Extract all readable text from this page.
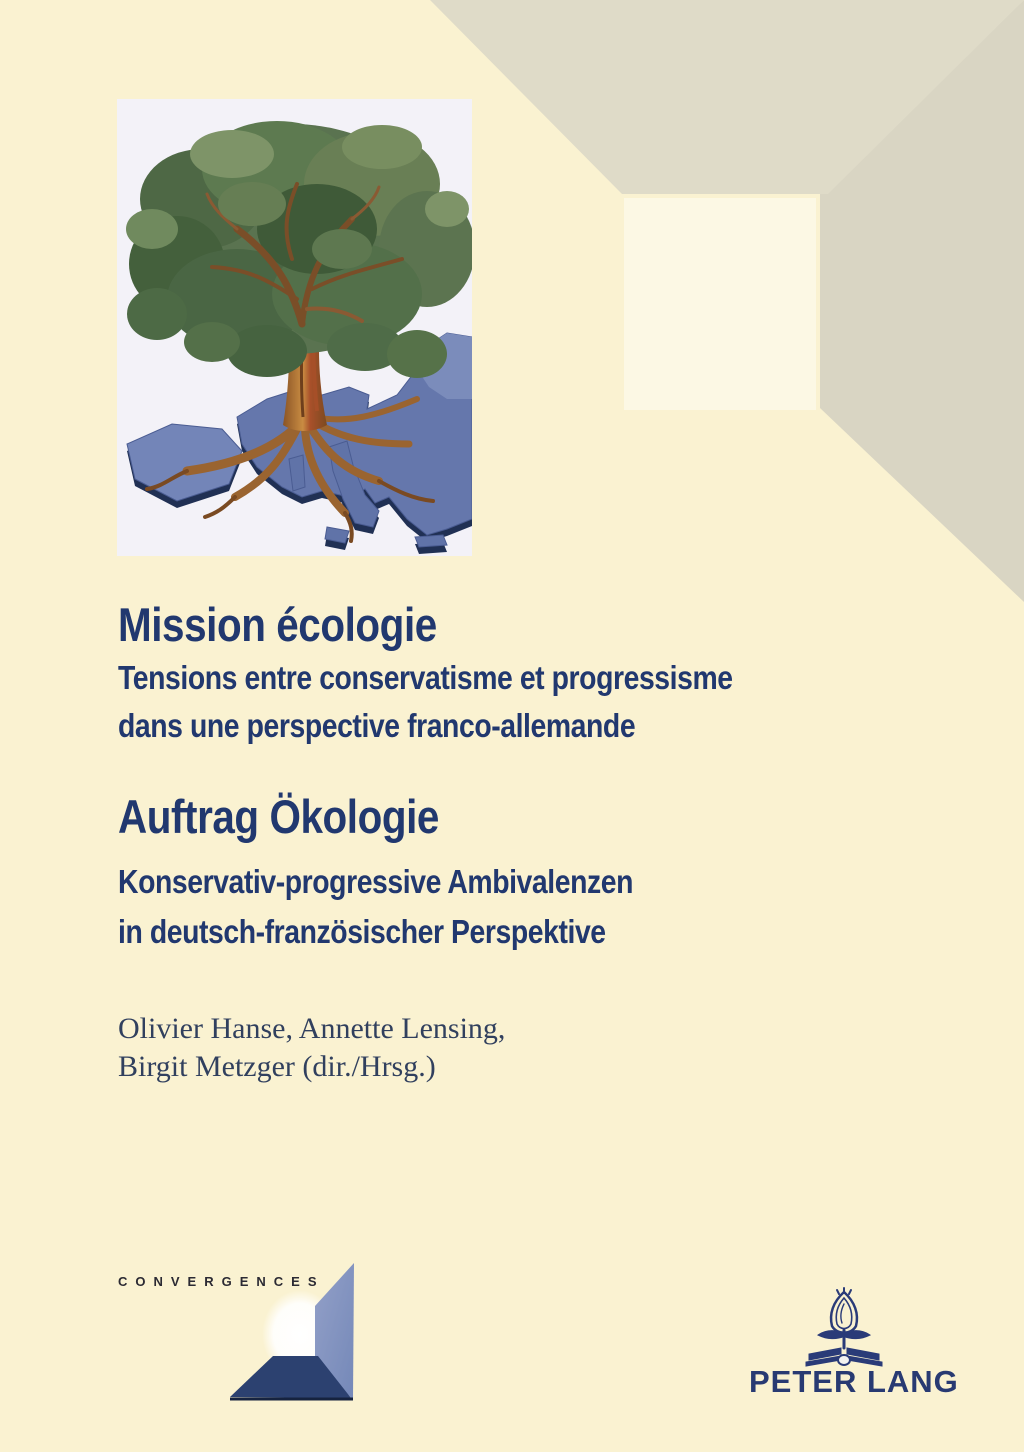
Mission écologie
Tensions entre conservatisme et progressisme
dans une perspective franco-allemande
Auftrag Ökologie
Konservativ-progressive Ambivalenzen
in deutsch-französischer Perspektive
Olivier Hanse, Annette Lensing,
Birgit Metzger (dir./Hrsg.)
CONVERGENCES
PETER LANG
